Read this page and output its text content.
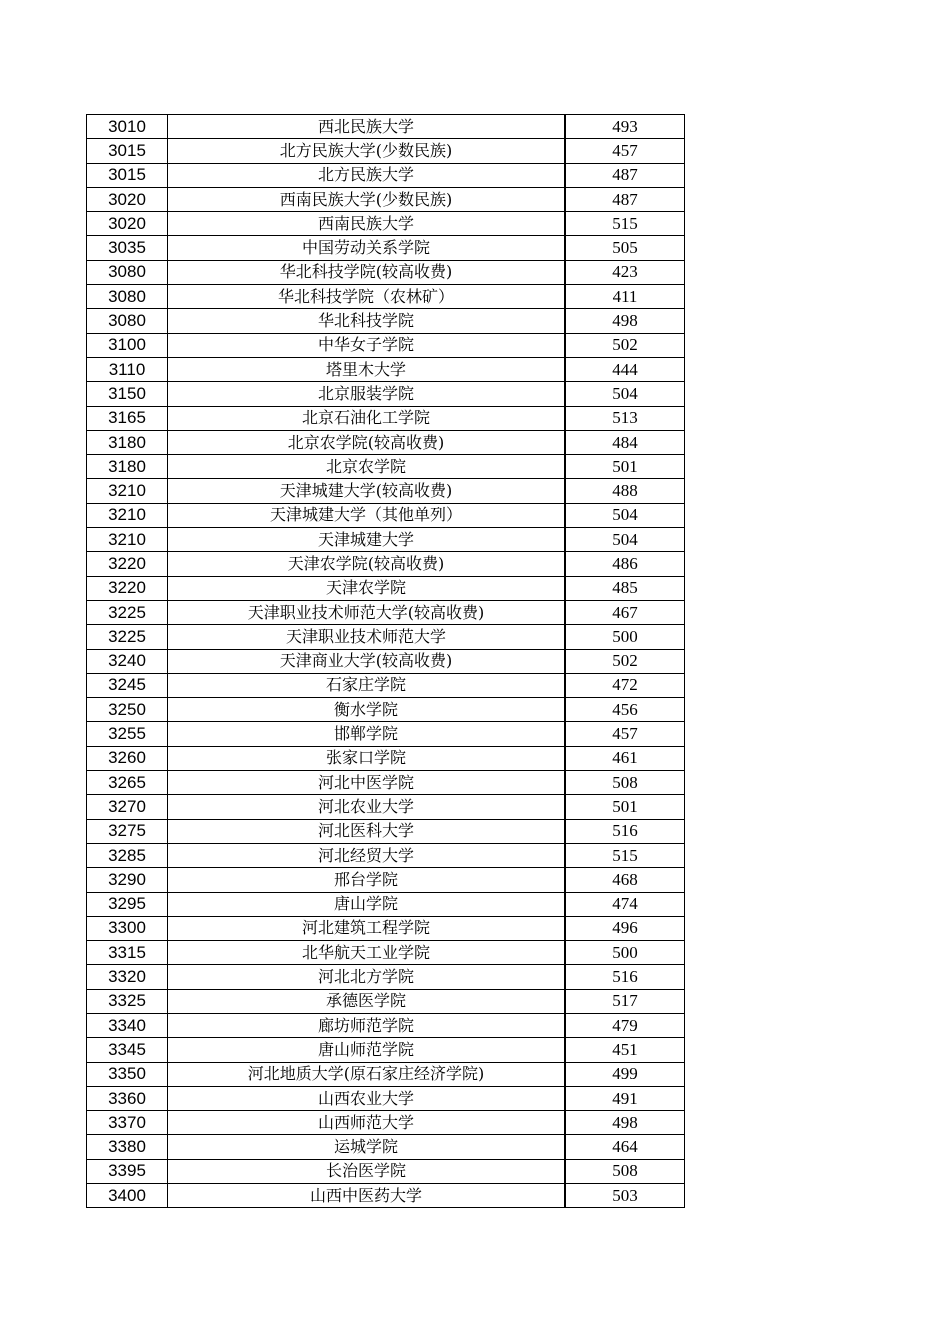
3010	西北民族大学	493
3015	北方民族大学(少数民族)	457
3015	北方民族大学	487
3020	西南民族大学(少数民族)	487
3020	西南民族大学	515
3035	中国劳动关系学院	505
3080	华北科技学院(较高收费)	423
3080	华北科技学院（农林矿）	411
3080	华北科技学院	498
3100	中华女子学院	502
3110	塔里木大学	444
3150	北京服装学院	504
3165	北京石油化工学院	513
3180	北京农学院(较高收费)	484
3180	北京农学院	501
3210	天津城建大学(较高收费)	488
3210	天津城建大学（其他单列）	504
3210	天津城建大学	504
3220	天津农学院(较高收费)	486
3220	天津农学院	485
3225	天津职业技术师范大学(较高收费)	467
3225	天津职业技术师范大学	500
3240	天津商业大学(较高收费)	502
3245	石家庄学院	472
3250	衡水学院	456
3255	邯郸学院	457
3260	张家口学院	461
3265	河北中医学院	508
3270	河北农业大学	501
3275	河北医科大学	516
3285	河北经贸大学	515
3290	邢台学院	468
3295	唐山学院	474
3300	河北建筑工程学院	496
3315	北华航天工业学院	500
3320	河北北方学院	516
3325	承德医学院	517
3340	廊坊师范学院	479
3345	唐山师范学院	451
3350	河北地质大学(原石家庄经济学院)	499
3360	山西农业大学	491
3370	山西师范大学	498
3380	运城学院	464
3395	长治医学院	508
3400	山西中医药大学	503
